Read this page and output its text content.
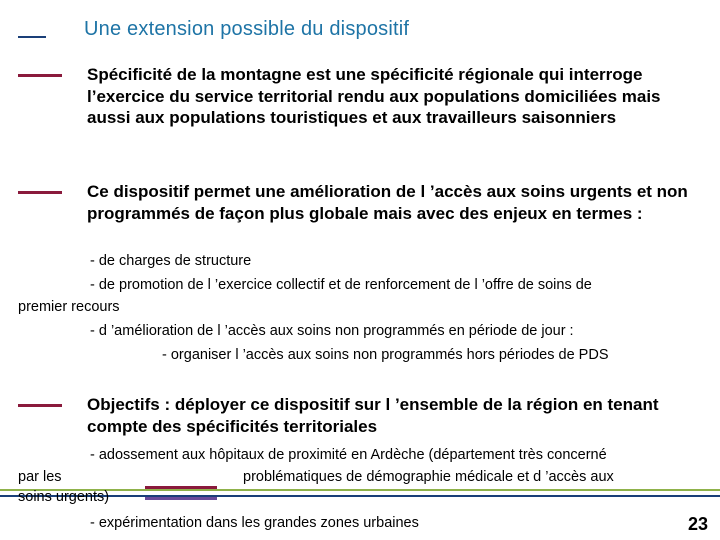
Une extension possible du dispositif
Spécificité de la montagne est une spécificité régionale qui interroge l’exercice du service territorial rendu aux populations domiciliées mais aussi aux populations touristiques et aux travailleurs saisonniers
Ce dispositif permet une amélioration de l ’accès aux soins urgents et non programmés de façon plus globale mais avec des enjeux en termes :
- de charges de structure
- de promotion de l ’exercice collectif et de renforcement de l ’offre de soins de
premier recours
- d ’amélioration de l ’accès aux soins non programmés en période de jour :
- organiser l ’accès aux soins non programmés hors périodes de PDS
Objectifs : déployer ce dispositif sur l ’ensemble de la région en tenant compte des spécificités territoriales
- adossement aux hôpitaux de proximité en Ardèche (département très concerné
par les	problématiques de démographie médicale et d ’accès aux
soins urgents)
- expérimentation dans les grandes zones urbaines	23
